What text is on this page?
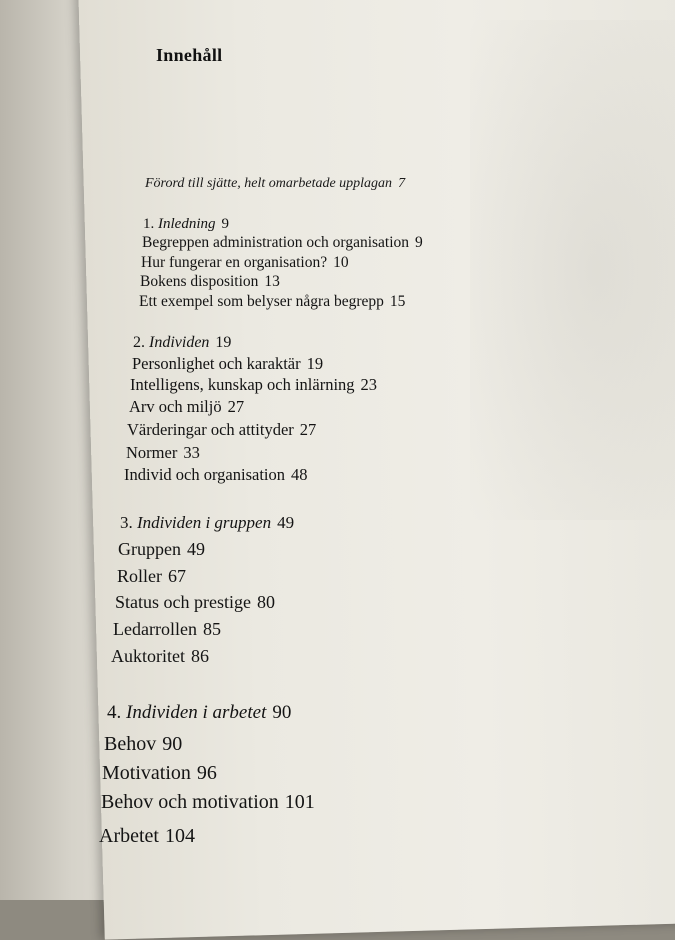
Innehåll
Förord till sjätte, helt omarbetade upplagan 7
1. Inledning 9
Begreppen administration och organisation 9
Hur fungerar en organisation? 10
Bokens disposition 13
Ett exempel som belyser några begrepp 15
2. Individen 19
Personlighet och karaktär 19
Intelligens, kunskap och inlärning 23
Arv och miljö 27
Värderingar och attityder 27
Normer 33
Individ och organisation 48
3. Individen i gruppen 49
Gruppen 49
Roller 67
Status och prestige 80
Ledarrollen 85
Auktoritet 86
4. Individen i arbetet 90
Behov 90
Motivation 96
Behov och motivation 101
Arbetet 104
